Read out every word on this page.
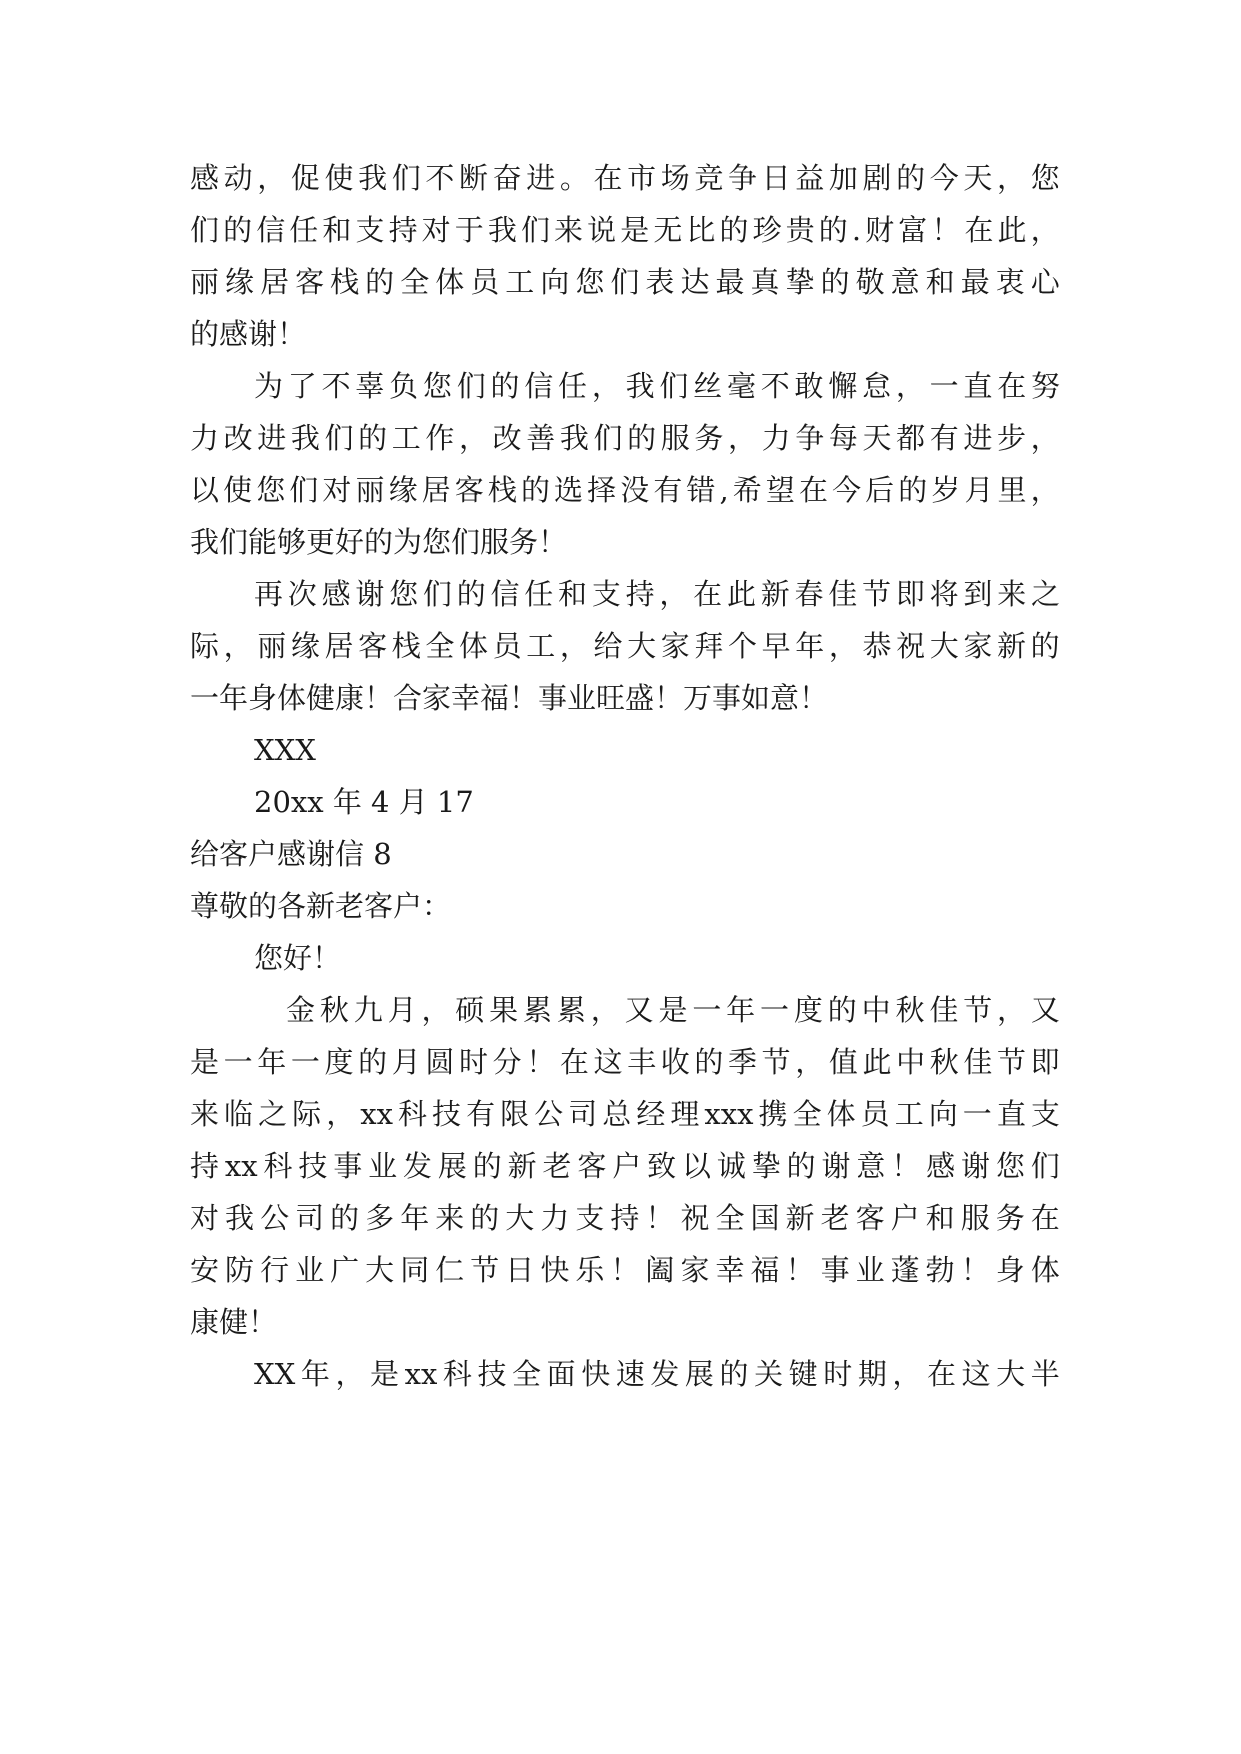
感 动 ， 促 使 我 们 不 断 奋 进 。 在 市 场 竞 争 日 益 加 剧 的 今 天 ， 您
们 的 信 任 和 支 持 对 于 我 们 来 说 是 无 比 的 珍 贵 的 . 财 富 ！ 在 此 ，
丽 缘 居 客 栈 的 全 体 员 工 向 您 们 表 达 最 真 挚 的 敬 意 和 最 衷 心
的感谢！
为 了 不 辜 负 您 们 的 信 任 ， 我 们 丝 毫 不 敢 懈 怠 ， 一 直 在 努
力 改 进 我 们 的 工 作 ， 改 善 我 们 的 服 务 ， 力 争 每 天 都 有 进 步 ，
以 使 您 们 对 丽 缘 居 客 栈 的 选 择 没 有 错 , 希 望 在 今 后 的 岁 月 里 ，
我们能够更好的为您们服务！
再 次 感 谢 您 们 的 信 任 和 支 持 ， 在 此 新 春 佳 节 即 将 到 来 之
际 ， 丽 缘 居 客 栈 全 体 员 工 ， 给 大 家 拜 个 早 年 ， 恭 祝 大 家 新 的
一年身体健康！合家幸福！事业旺盛！万事如意！
XXX
20xx 年 4 月 17
给客户感谢信 8
尊敬的各新老客户：
您好！
金 秋 九 月 ， 硕 果 累 累 ， 又 是 一 年 一 度 的 中 秋 佳 节 ， 又
是 一 年 一 度 的 月 圆 时 分 ！ 在 这 丰 收 的 季 节 ， 值 此 中 秋 佳 节 即
来 临 之 际 ， xx 科 技 有 限 公 司 总 经 理 xxx 携 全 体 员 工 向 一 直 支
持 xx 科 技 事 业 发 展 的 新 老 客 户 致 以 诚 挚 的 谢 意 ！ 感 谢 您 们
对 我 公 司 的 多 年 来 的 大 力 支 持 ！ 祝 全 国 新 老 客 户 和 服 务 在
安 防 行 业 广 大 同 仁 节 日 快 乐 ！ 阖 家 幸 福 ！ 事 业 蓬 勃 ！ 身 体
康健！
XX 年 ， 是 xx 科 技 全 面 快 速 发 展 的 关 键 时 期 ， 在 这 大 半
